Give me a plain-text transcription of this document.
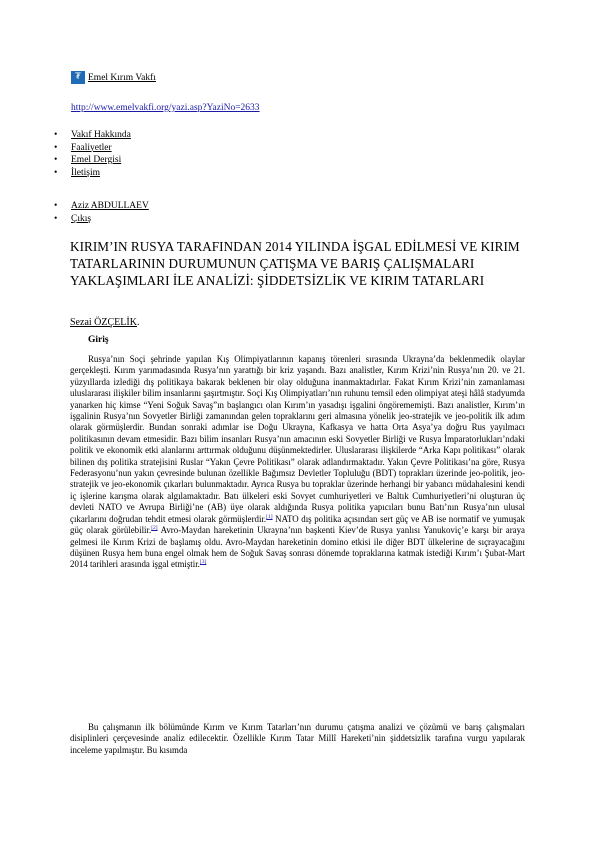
₮ Emel Kırım Vakfı
http://www.emelvakfi.org/yazi.asp?YaziNo=2633
• Vakıf Hakkında
• Faaliyetler
• Emel Dergisi
• İletişim
• Aziz ABDULLAEV
• Çıkış
KIRIM’IN RUSYA TARAFINDAN 2014 YILINDA İŞGAL EDİLMESİ VE KIRIM TATARLARININ DURUMUNUN ÇATIŞMA VE BARIŞ ÇALIŞMALARI YAKLAŞIMLARI İLE ANALİZİ: ŞİDDETSİZLİK VE KIRIM TATARLARI
Sezai ÖZÇELİK.
Giriş

Rusya’nın Soçi şehrinde yapılan Kış Olimpiyatlarının kapanış törenleri sırasında Ukrayna’da beklenmedik olaylar gerçekleşti. Kırım yarımadasında Rusya’nın yarattığı bir kriz yaşandı. Bazı analistler, Kırım Krizi’nin Rusya’nın 20. ve 21. yüzyıllarda izlediği dış politikaya bakarak beklenen bir olay olduğuna inanmaktadırlar. Fakat Kırım Krizi’nin zamanlaması uluslararası ilişkiler bilim insanlarını şaşırtmıştır. Soçi Kış Olimpiyatları’nın ruhunu temsil eden olimpiyat ateşi hâlâ stadyumda yanarken hiç kimse “Yeni Soğuk Savaş”ın başlangıcı olan Kırım’ın yasadışı işgalini öngörememişti. Bazı analistler, Kırım’ın işgalinin Rusya’nın Sovyetler Birliği zamanından gelen topraklarını geri almasına yönelik jeo-stratejik ve jeo-politik ilk adım olarak görmüşlerdir. Bundan sonraki adımlar ise Doğu Ukrayna, Kafkasya ve hatta Orta Asya’ya doğru Rus yayılmacı politikasının devam etmesidir. Bazı bilim insanları Rusya’nın amacının eski Sovyetler Birliği ve Rusya İmparatorlukları’ndaki politik ve ekonomik etki alanlarını arttırmak olduğunu düşünmektedirler. Uluslararası ilişkilerde “Arka Kapı politikası” olarak bilinen dış politika stratejisini Ruslar “Yakın Çevre Politikası” olarak adlandırmaktadır. Yakın Çevre Politikası’na göre, Rusya Federasyonu’nun yakın çevresinde bulunan özellikle Bağımsız Devletler Topluluğu (BDT) toprakları üzerinde jeo-politik, jeo-stratejik ve jeo-ekonomik çıkarları bulunmaktadır. Ayrıca Rusya bu topraklar üzerinde herhangi bir yabancı müdahalesini kendi iç işlerine karışma olarak algılamaktadır. Batı ülkeleri eski Sovyet cumhuriyetleri ve Baltık Cumhuriyetleri’ni oluşturan üç devleti NATO ve Avrupa Birliği’ne (AB) üye olarak aldığında Rusya politika yapıcıları bunu Batı’nın Rusya’nın ulusal çıkarlarını doğrudan tehdit etmesi olarak görmüşlerdir.[1] NATO dış politika açısından sert güç ve AB ise normatif ve yumuşak güç olarak görülebilir.[2] Avro-Maydan hareketinin Ukrayna’nın başkenti Kiev’de Rusya yanlısı Yanukoviç’e karşı bir araya gelmesi ile Kırım Krizi de başlamış oldu. Avro-Maydan hareketinin domino etkisi ile diğer BDT ülkelerine de sıçrayacağını düşünen Rusya hem buna engel olmak hem de Soğuk Savaş sonrası dönemde topraklarına katmak istediği Kırım’ı Şubat-Mart 2014 tarihleri arasında işgal etmiştir.[3]

Bu çalışmanın ilk bölümünde Kırım ve Kırım Tatarları’nın durumu çatışma analizi ve çözümü ve barış çalışmaları disiplinleri çerçevesinde analiz edilecektir. Özellikle Kırım Tatar Millî Hareketi’nin şiddetsizlik tarafına vurgu yapılarak inceleme yapılmıştır. Bu kısımda
